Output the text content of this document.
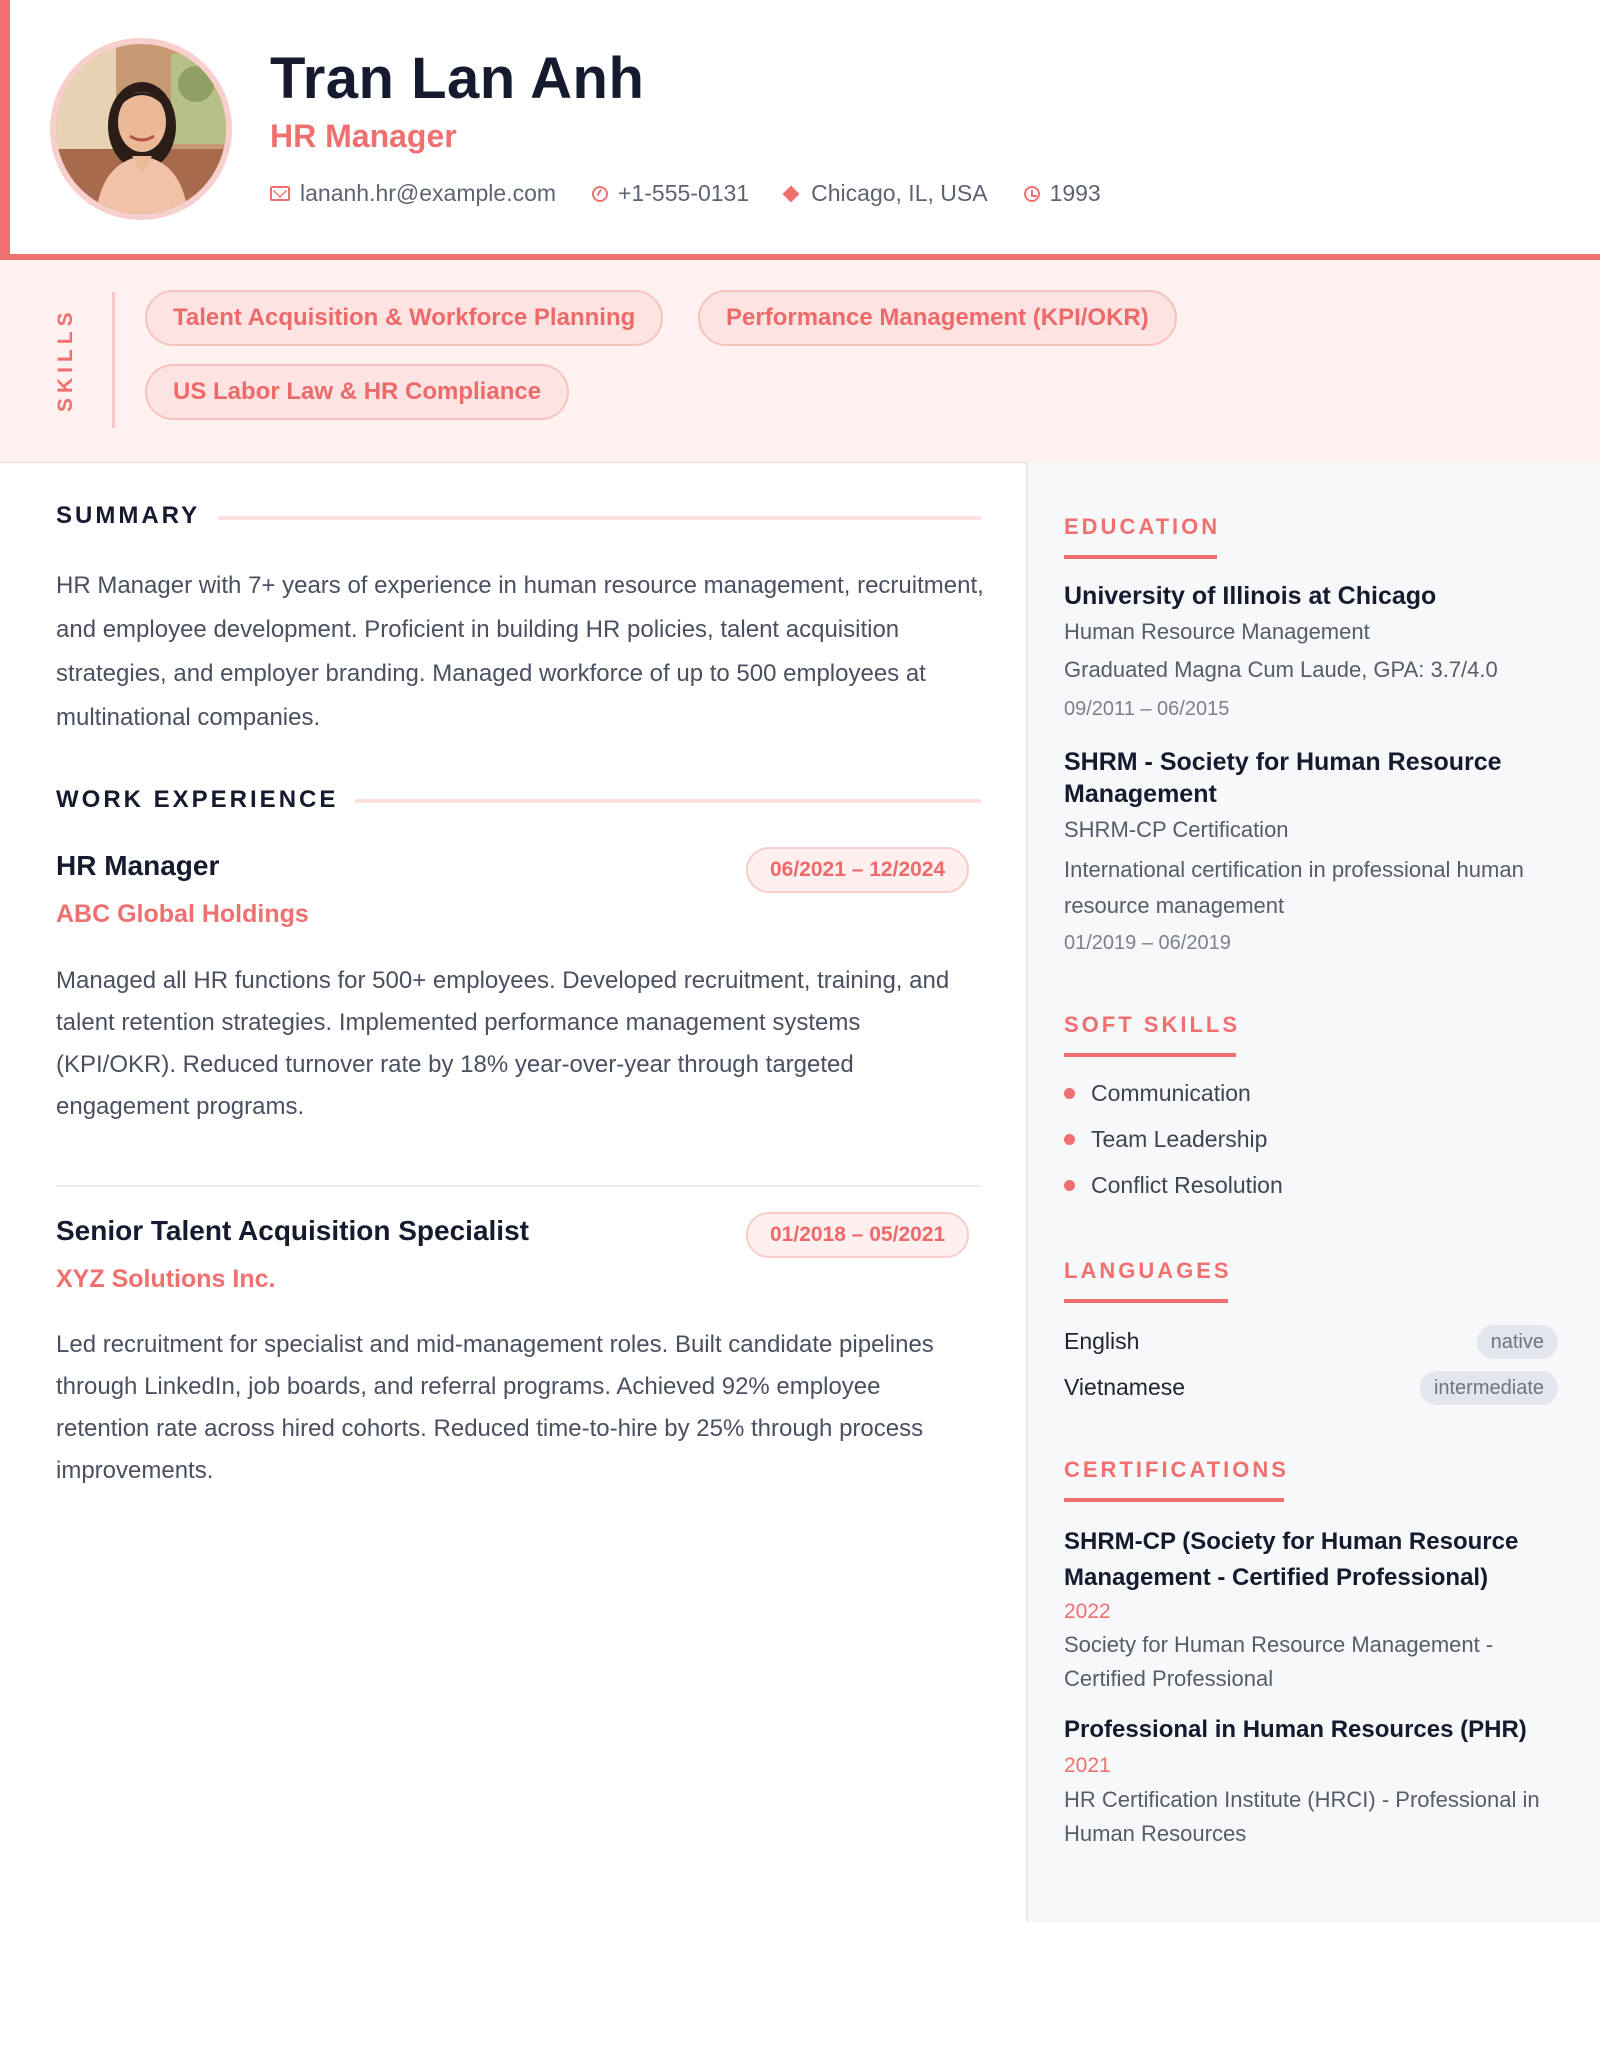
Tran Lan Anh

HR Manager

lananh.hr@example.com	+1-555-0131	Chicago, IL, USA	1993
SKILLS	Talent Acquisition & Workforce Planning	Performance Management (KPI/OKR)
US Labor Law & HR Compliance
SUMMARY

HR Manager with 7+ years of experience in human resource management, recruitment, and employee development. Proficient in building HR policies, talent acquisition strategies, and employer branding. Managed workforce of up to 500 employees at multinational companies.

WORK EXPERIENCE
HR Manager	06/2021 – 12/2024

ABC Global Holdings

Managed all HR functions for 500+ employees. Developed recruitment, training, and talent retention strategies. Implemented performance management systems (KPI/OKR). Reduced turnover rate by 18% year-over-year through targeted engagement programs.

Senior Talent Acquisition Specialist	01/2018 – 05/2021

XYZ Solutions Inc.

Led recruitment for specialist and mid-management roles. Built candidate pipelines through LinkedIn, job boards, and referral programs. Achieved 92% employee retention rate across hired cohorts. Reduced time-to-hire by 25% through process improvements.

EDUCATION

University of Illinois at Chicago

Human Resource Management

Graduated Magna Cum Laude, GPA: 3.7/4.0

09/2011 – 06/2015

SHRM - Society for Human Resource Management

SHRM-CP Certification

International certification in professional human resource management

01/2019 – 06/2019

SOFT SKILLS
Communication
Team Leadership
Conflict Resolution
LANGUAGES

English	native

Vietnamese	intermediate
CERTIFICATIONS

SHRM-CP (Society for Human Resource Management - Certified Professional)

2022

Society for Human Resource Management - Certified Professional

Professional in Human Resources (PHR)

2021

HR Certification Institute (HRCI) - Professional in Human Resources
